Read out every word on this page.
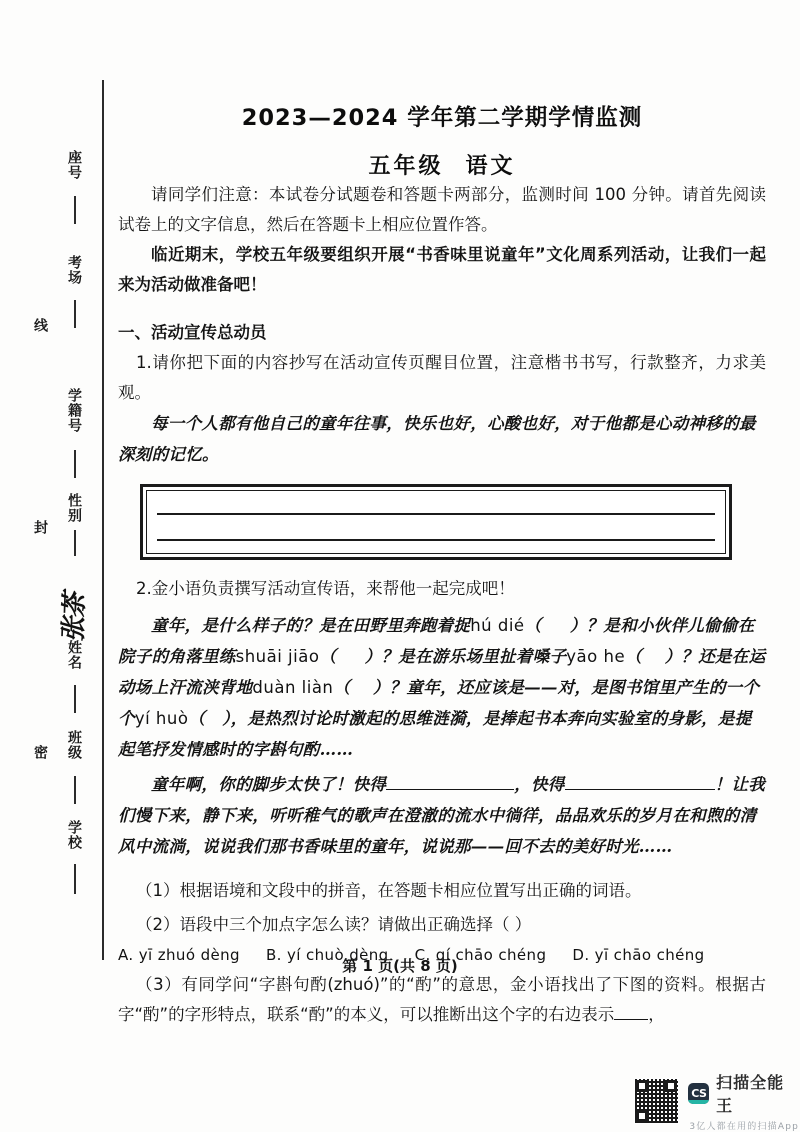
座号
考场
线
学籍号
性别
封
姓名
班级
密
学校
张茶
2023—2024 学年第二学期学情监测
五年级 语文

请同学们注意：本试卷分试题卷和答题卡两部分，监测时间 100 分钟。请首先阅读试卷上的文字信息，然后在答题卡上相应位置作答。

临近期末，学校五年级要组织开展“书香味里说童年”文化周系列活动，让我们一起来为活动做准备吧！

一、活动宣传总动员

1.请你把下面的内容抄写在活动宣传页醒目位置，注意楷书书写，行款整齐，力求美观。

每一个人都有他自己的童年往事，快乐也好，心酸也好，对于他都是心动神移的最深刻的记忆。

2.金小语负责撰写活动宣传语，来帮他一起完成吧！

童年，是什么样子的？是在田野里奔跑着捉hú dié（     ）？是和小伙伴儿偷偷在院子的角落里练shuāi jiāo（     ）？是在游乐场里扯着嗓子yāo he（    ）？还是在运动场上汗流浃背地duàn liàn（    ）？童年，还应该是——对，是图书馆里产生的一个个yí huò（   ），是热烈讨论时激起的思维涟漪，是捧起书本奔向实验室的身影，是提起笔抒发情感时的字斟句酌……

童年啊，你的脚步太快了！快得	，快得	！让我们慢下来，静下来，听听稚气的歌声在澄澈的流水中徜徉，品品欢乐的岁月在和煦的清风中流淌，说说我们那书香味里的童年，说说那——回不去的美好时光……

（1）根据语境和文段中的拼音，在答题卡相应位置写出正确的词语。

（2）语段中三个加点字怎么读？请做出正确选择（ ）

A. yī zhuó dèng B. yí chuò dèng C. qí chāo chéng D. yī chāo chéng

（3）有同学问“字斟句酌(zhuó)”的“酌”的意思，金小语找出了下图的资料。根据古字“酌”的字形特点，联系“酌”的本义，可以推断出这个字的右边表示 ，

第 1 页(共 8 页)
CS
扫描全能王
3亿人都在用的扫描App
